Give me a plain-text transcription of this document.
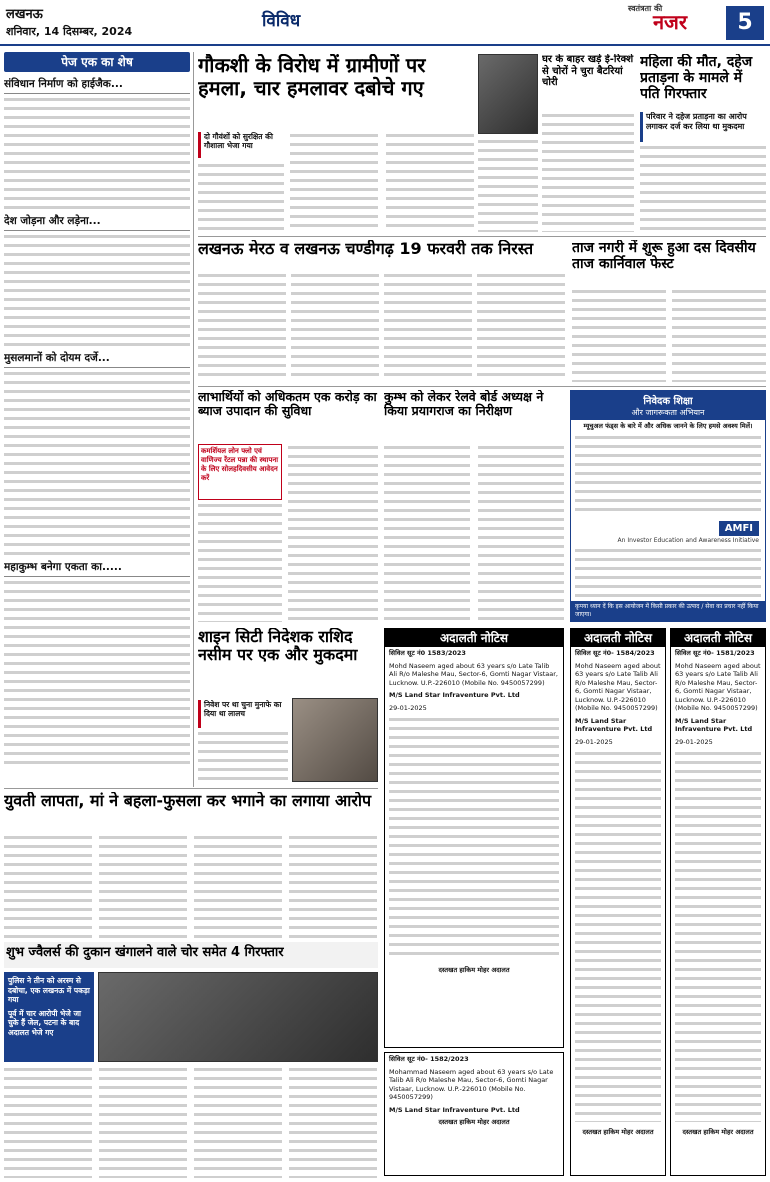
लखनऊ
शनिवार, 14 दिसम्बर, 2024
विविध
स्वतंत्रता की
नजर	5
पेज एक का शेष
संविधान निर्माण को हाईजैक...
देश जोड़ना और लड़ेना...
मुसलमानों को दोयम दर्जे...
महाकुम्भ बनेगा एकता का.....
गौकशी के विरोध में ग्रामीणों पर हमला, चार हमलावर दबोचे गए
घर के बाहर खड़े ई-रिक्शे से चोरों ने चुरा बैटरियां चोरी
महिला की मौत, दहेज प्रताड़ना के मामले में पति गिरफ्तार
परिवार ने दहेज प्रताड़ना का आरोप लगाकर दर्ज कर लिया था मुकदमा
दो गौवंशों को सुरक्षित की गौशाला भेजा गया
लखनऊ मेरठ व लखनऊ चण्डीगढ़ 19 फरवरी तक निरस्त	ताज नगरी में शुरू हुआ दस दिवसीय ताज कार्निवाल फेस्ट
लाभार्थियों को अधिकतम एक करोड़ का ब्याज उपादान की सुविधा
कमर्शियल लोन फ्लो एवं वाणिज्य रेंटल पन्ना की स्थापना के लिए सोलहदिवसीय आवेदन करें
कुम्भ को लेकर रेलवे बोर्ड अध्यक्ष ने किया प्रयागराज का निरीक्षण
निवेदक शिक्षा
और जागरूकता अभियान
म्यूचुअल फंड्स के बारे में और अधिक जानने के लिए हमसे अवश्य मिलें।
AMFI
An Investor Education and Awareness Initiative
कृपया ध्यान दें कि इस आयोजन में किसी प्रकार की उत्पाद / सेवा का प्रचार नहीं किया जाएगा।
शाइन सिटी निदेशक राशिद नसीम पर एक और मुकदमा
निवेश पर था चुना मुनाफे का दिया था लालच
अदालती नोटिस
सिविल सूट नं0 1583/2023
Mohd Naseem aged about 63 years s/o Late Talib Ali R/o Maleshe Mau, Sector-6, Gomti Nagar Vistaar, Lucknow. U.P.-226010 (Mobile No. 9450057299)
M/S Land Star Infraventure Pvt. Ltd
29-01-2025
दस्तखत हाकिम मोहर अदालत
अदालती नोटिस
सिविल सूट नं0- 1584/2023
Mohd Naseem aged about 63 years s/o Late Talib Ali R/o Maleshe Mau, Sector-6, Gomti Nagar Vistaar, Lucknow. U.P.-226010 (Mobile No. 9450057299)
M/S Land Star Infraventure Pvt. Ltd
29-01-2025
दस्तखत हाकिम मोहर अदालत
अदालती नोटिस
सिविल सूट नं0- 1581/2023
Mohd Naseem aged about 63 years s/o Late Talib Ali R/o Maleshe Mau, Sector-6, Gomti Nagar Vistaar, Lucknow. U.P.-226010 (Mobile No. 9450057299)
M/S Land Star Infraventure Pvt. Ltd
29-01-2025
दस्तखत हाकिम मोहर अदालत
सिविल सूट नं0- 1582/2023
Mohammad Naseem aged about 63 years s/o Late Talib Ali R/o Maleshe Mau, Sector-6, Gomti Nagar Vistaar, Lucknow. U.P.-226010 (Mobile No. 9450057299)
M/S Land Star Infraventure Pvt. Ltd
दस्तखत हाकिम मोहर अदालत
युवती लापता, मां ने बहला-फुसला कर भगाने का लगाया आरोप
शुभ ज्वैलर्स की दुकान खंगालने वाले चोर समेत 4 गिरफ्तार
पुलिस ने तीन को अरस्म से दबोचा, एक लखनऊ में पकड़ा गया
पूर्व में चार आरोपी भेजे जा चुके हैं जेल, पटना के बाद अदालत भेजे गए
